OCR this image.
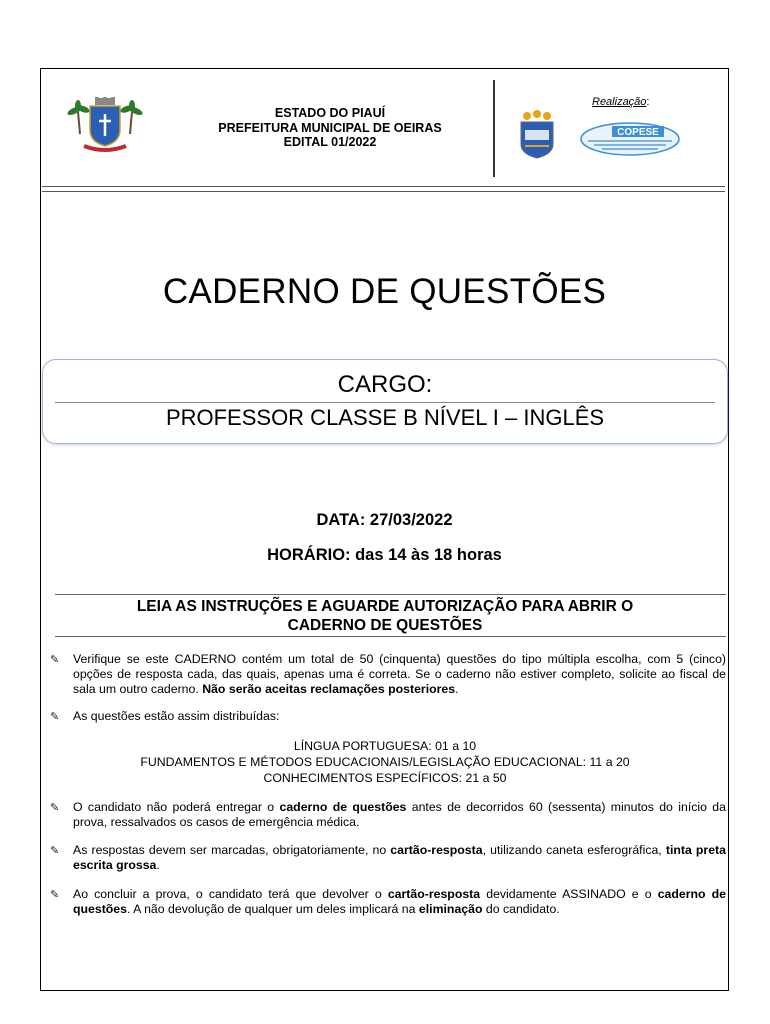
ESTADO DO PIAUÍ
PREFEITURA MUNICIPAL DE OEIRAS
EDITAL 01/2022
Realização:
COPESE
CADERNO DE QUESTÕES
CARGO:
PROFESSOR CLASSE B NÍVEL I – INGLÊS
DATA: 27/03/2022
HORÁRIO: das 14 às 18 horas
LEIA AS INSTRUÇÕES E AGUARDE AUTORIZAÇÃO PARA ABRIR O
CADERNO DE QUESTÕES
✎	Verifique se este CADERNO contém um total de 50 (cinquenta) questões do tipo múltipla escolha, com 5 (cinco) opções de resposta cada, das quais, apenas uma é correta. Se o caderno não estiver completo, solicite ao fiscal de sala um outro caderno. Não serão aceitas reclamações posteriores.
✎	As questões estão assim distribuídas:
LÍNGUA PORTUGUESA: 01 a 10
FUNDAMENTOS E MÉTODOS EDUCACIONAIS/LEGISLAÇÃO EDUCACIONAL: 11 a 20
CONHECIMENTOS ESPECÍFICOS: 21 a 50
✎	O candidato não poderá entregar o caderno de questões antes de decorridos 60 (sessenta) minutos do início da prova, ressalvados os casos de emergência médica.
✎	As respostas devem ser marcadas, obrigatoriamente, no cartão-resposta, utilizando caneta esferográfica, tinta preta escrita grossa.
✎	Ao concluir a prova, o candidato terá que devolver o cartão-resposta devidamente ASSINADO e o caderno de questões. A não devolução de qualquer um deles implicará na eliminação do candidato.
